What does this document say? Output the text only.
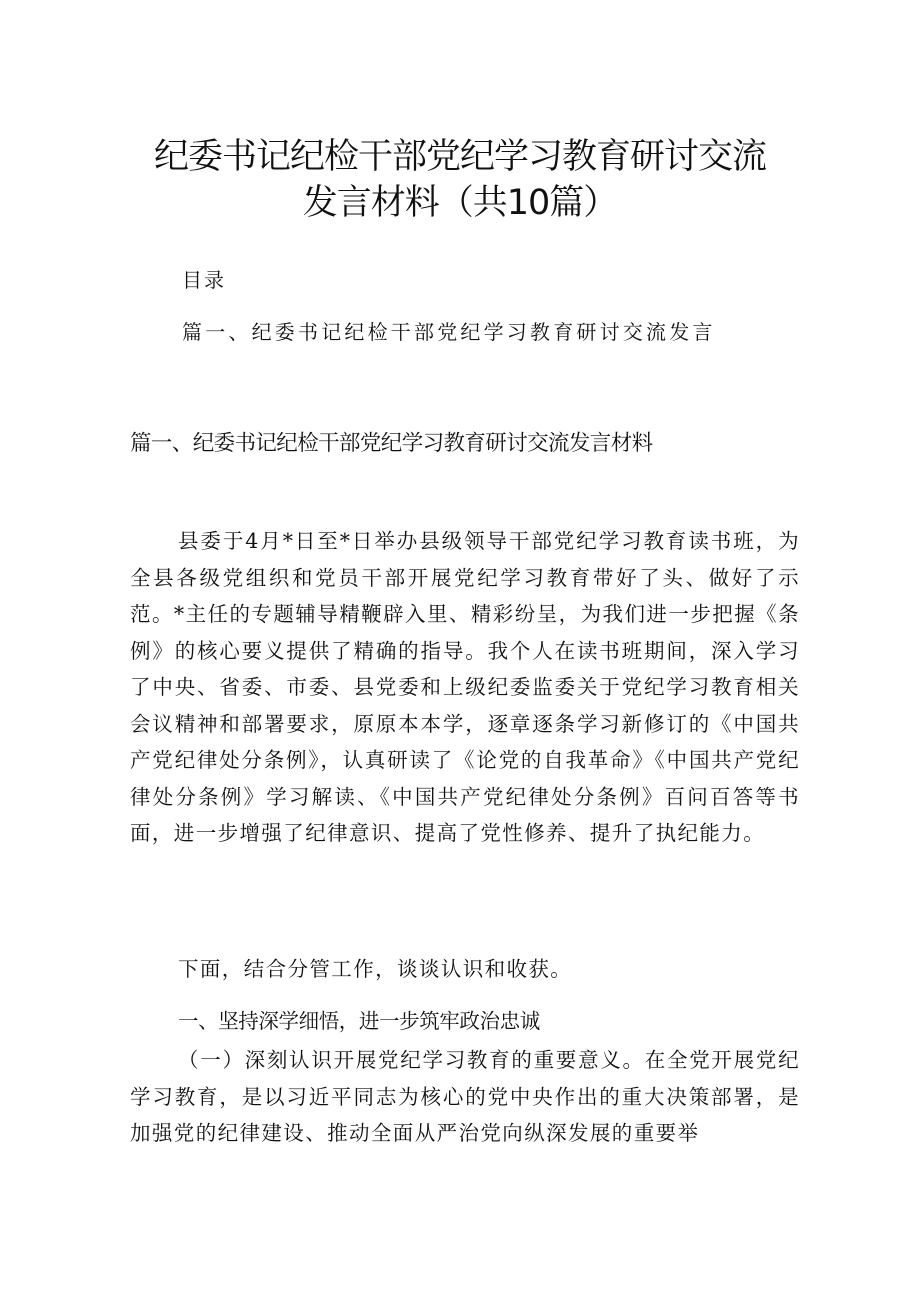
纪委书记纪检干部党纪学习教育研讨交流
发言材料（共10篇）
目录
篇一、纪委书记纪检干部党纪学习教育研讨交流发言
篇一、纪委书记纪检干部党纪学习教育研讨交流发言材料
县委于4月*日至*日举办县级领导干部党纪学习教育读书班，为全县各级党组织和党员干部开展党纪学习教育带好了头、做好了示范。*主任的专题辅导精鞭辟入里、精彩纷呈，为我们进一步把握《条例》的核心要义提供了精确的指导。我个人在读书班期间，深入学习了中央、省委、市委、县党委和上级纪委监委关于党纪学习教育相关会议精神和部署要求，原原本本学，逐章逐条学习新修订的《中国共产党纪律处分条例》，认真研读了《论党的自我革命》《中国共产党纪律处分条例》学习解读、《中国共产党纪律处分条例》百问百答等书面，进一步增强了纪律意识、提高了党性修养、提升了执纪能力。
下面，结合分管工作，谈谈认识和收获。
一、坚持深学细悟，进一步筑牢政治忠诚
（一）深刻认识开展党纪学习教育的重要意义。在全党开展党纪学习教育，是以习近平同志为核心的党中央作出的重大决策部署，是加强党的纪律建设、推动全面从严治党向纵深发展的重要举
